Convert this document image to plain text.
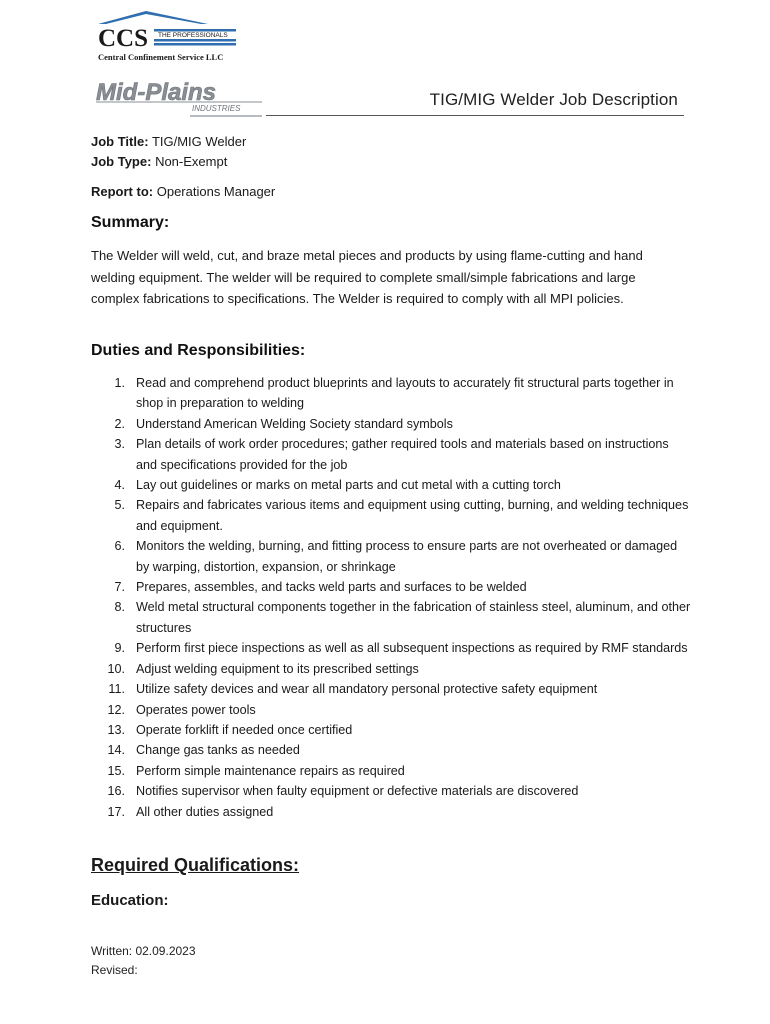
CCS THE PROFESSIONALS
Central Confinement Service LLC
Mid-Plains
INDUSTRIES	TIG/MIG Welder Job Description
Job Title: TIG/MIG Welder
Job Type: Non-Exempt
Report to: Operations Manager
Summary:

The Welder will weld, cut, and braze metal pieces and products by using flame-cutting and hand welding equipment. The welder will be required to complete small/simple fabrications and large complex fabrications to specifications. The Welder is required to comply with all MPI policies.

Duties and Responsibilities:
1. Read and comprehend product blueprints and layouts to accurately fit structural parts together in shop in preparation to welding
2. Understand American Welding Society standard symbols
3. Plan details of work order procedures; gather required tools and materials based on instructions and specifications provided for the job
4. Lay out guidelines or marks on metal parts and cut metal with a cutting torch
5. Repairs and fabricates various items and equipment using cutting, burning, and welding techniques and equipment.
6. Monitors the welding, burning, and fitting process to ensure parts are not overheated or damaged by warping, distortion, expansion, or shrinkage
7. Prepares, assembles, and tacks weld parts and surfaces to be welded
8. Weld metal structural components together in the fabrication of stainless steel, aluminum, and other structures
9. Perform first piece inspections as well as all subsequent inspections as required by RMF standards
10. Adjust welding equipment to its prescribed settings
11. Utilize safety devices and wear all mandatory personal protective safety equipment
12. Operates power tools
13. Operate forklift if needed once certified
14. Change gas tanks as needed
15. Perform simple maintenance repairs as required
16. Notifies supervisor when faulty equipment or defective materials are discovered
17. All other duties assigned
Required Qualifications:
Education:
Written: 02.09.2023
Revised:
